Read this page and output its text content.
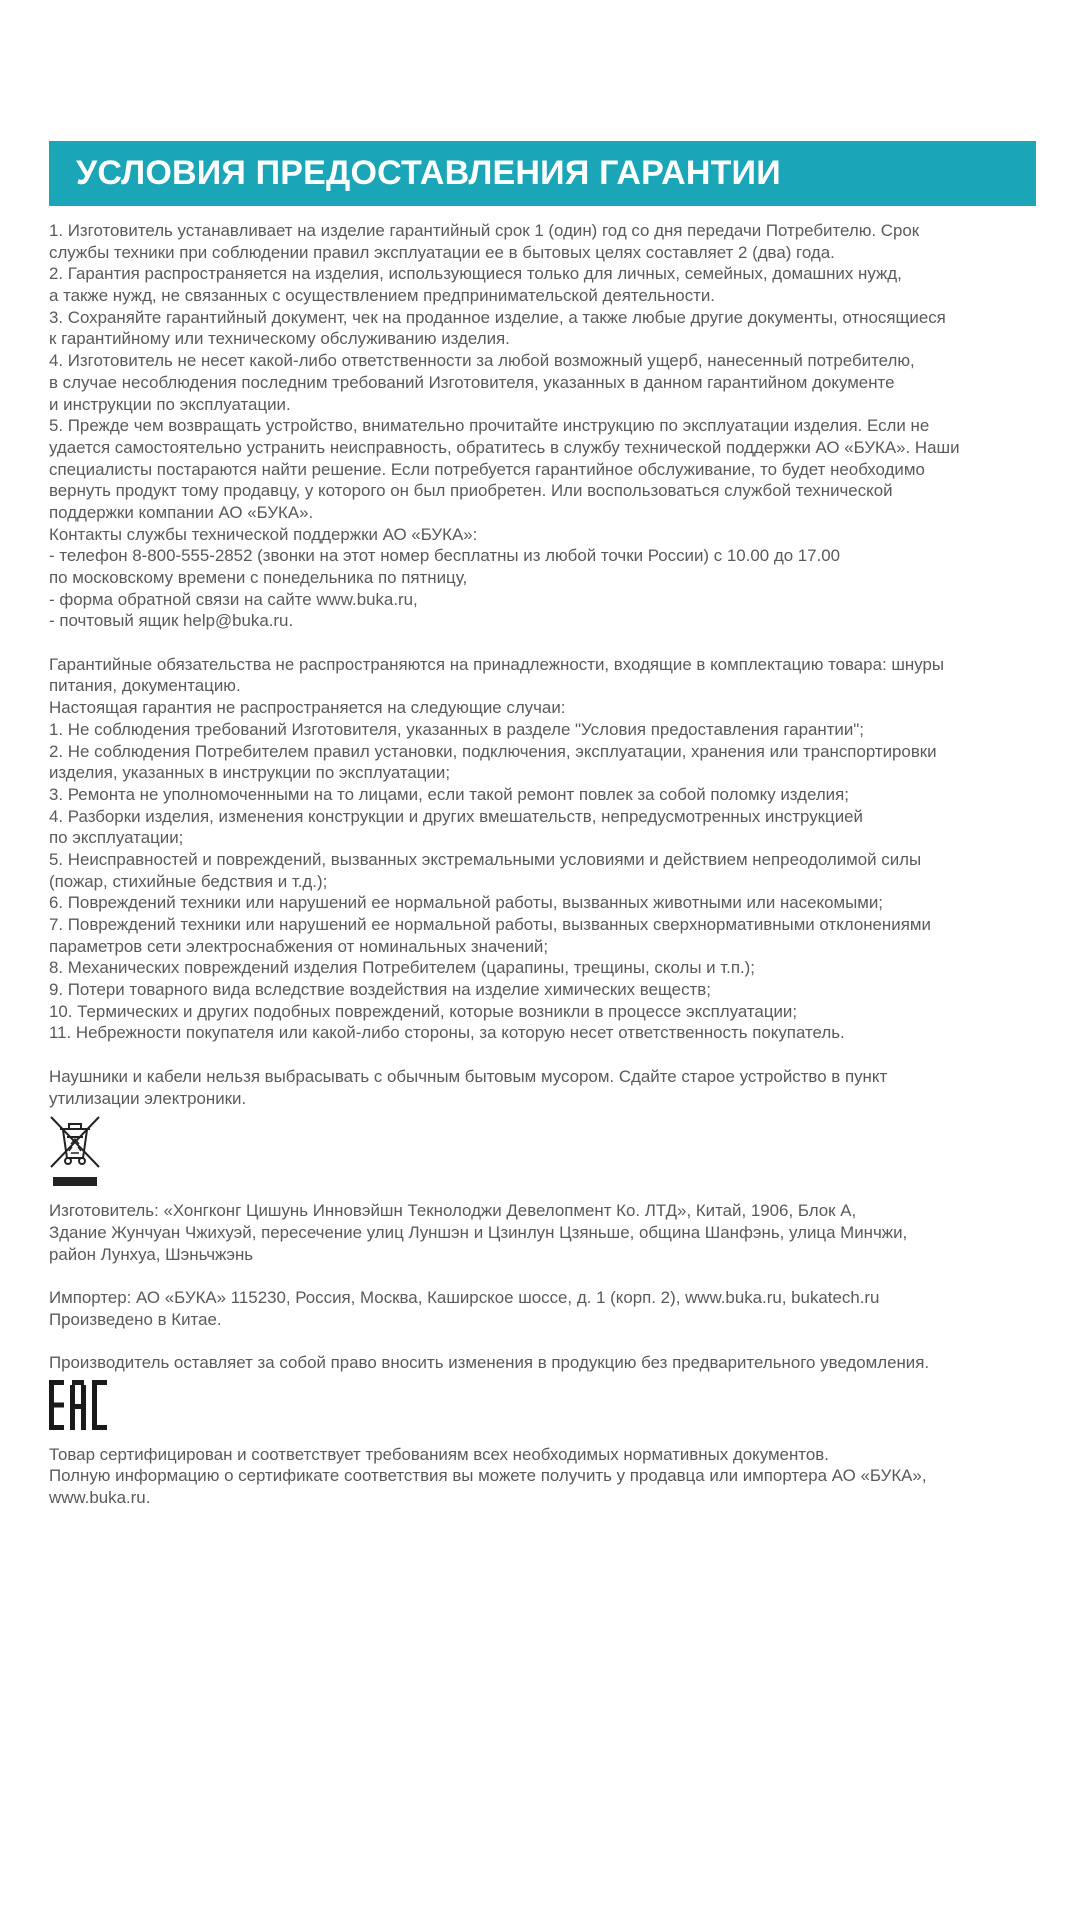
УСЛОВИЯ ПРЕДОСТАВЛЕНИЯ ГАРАНТИИ
1. Изготовитель устанавливает на изделие гарантийный срок 1 (один) год со дня передачи Потребителю. Срок
службы техники при соблюдении правил эксплуатации ее в бытовых целях составляет 2 (два) года.
2. Гарантия распространяется на изделия, использующиеся только для личных, семейных, домашних нужд,
а также нужд, не связанных с осуществлением предпринимательской деятельности.
3. Сохраняйте гарантийный документ, чек на проданное изделие, а также любые другие документы, относящиеся
к гарантийному или техническому обслуживанию изделия.
4. Изготовитель не несет какой-либо ответственности за любой возможный ущерб, нанесенный потребителю,
в случае несоблюдения последним требований Изготовителя, указанных в данном гарантийном документе
и инструкции по эксплуатации.
5. Прежде чем возвращать устройство, внимательно прочитайте инструкцию по эксплуатации изделия. Если не
удается самостоятельно устранить неисправность, обратитесь в службу технической поддержки АО «БУКА». Наши
специалисты постараются найти решение. Если потребуется гарантийное обслуживание, то будет необходимо
вернуть продукт тому продавцу, у которого он был приобретен. Или воспользоваться службой технической
поддержки компании АО «БУКА».
Контакты службы технической поддержки АО «БУКА»:
- телефон 8-800-555-2852 (звонки на этот номер бесплатны из любой точки России) с 10.00 до 17.00
по московскому времени с понедельника по пятницу,
- форма обратной связи на сайте www.buka.ru,
- почтовый ящик help@buka.ru.
Гарантийные обязательства не распространяются на принадлежности, входящие в комплектацию товара: шнуры
питания, документацию.
Настоящая гарантия не распространяется на следующие случаи:
1. Не соблюдения требований Изготовителя, указанных в разделе "Условия предоставления гарантии";
2. Не соблюдения Потребителем правил установки, подключения, эксплуатации, хранения или транспортировки
изделия, указанных в инструкции по эксплуатации;
3. Ремонта не уполномоченными на то лицами, если такой ремонт повлек за собой поломку изделия;
4. Разборки изделия, изменения конструкции и других вмешательств, непредусмотренных инструкцией
по эксплуатации;
5. Неисправностей и повреждений, вызванных экстремальными условиями и действием непреодолимой силы
(пожар, стихийные бедствия и т.д.);
6. Повреждений техники или нарушений ее нормальной работы, вызванных животными или насекомыми;
7. Повреждений техники или нарушений ее нормальной работы, вызванных сверхнормативными отклонениями
параметров сети электроснабжения от номинальных значений;
8. Механических повреждений изделия Потребителем (царапины, трещины, сколы и т.п.);
9. Потери товарного вида вследствие воздействия на изделие химических веществ;
10. Термических и других подобных повреждений, которые возникли в процессе эксплуатации;
11. Небрежности покупателя или какой-либо стороны, за которую несет ответственность покупатель.
Наушники и кабели нельзя выбрасывать с обычным бытовым мусором. Сдайте старое устройство в пункт
утилизации электроники.
Изготовитель: «Хонгконг Цишунь Инновэйшн Текнолоджи Девелопмент Ко. ЛТД», Китай, 1906, Блок А,
Здание Жунчуан Чжихуэй, пересечение улиц Луншэн и Цзинлун Цзяньше, община Шанфэнь, улица Минчжи,
район Лунхуа, Шэньчжэнь
Импортер: АО «БУКА» 115230, Россия, Москва, Каширское шоссе, д. 1 (корп. 2), www.buka.ru, bukatech.ru
Произведено в Китае.
Производитель оставляет за собой право вносить изменения в продукцию без предварительного уведомления.
Товар сертифицирован и соответствует требованиям всех необходимых нормативных документов.
Полную информацию о сертификате соответствия вы можете получить у продавца или импортера АО «БУКА»,
www.buka.ru.
